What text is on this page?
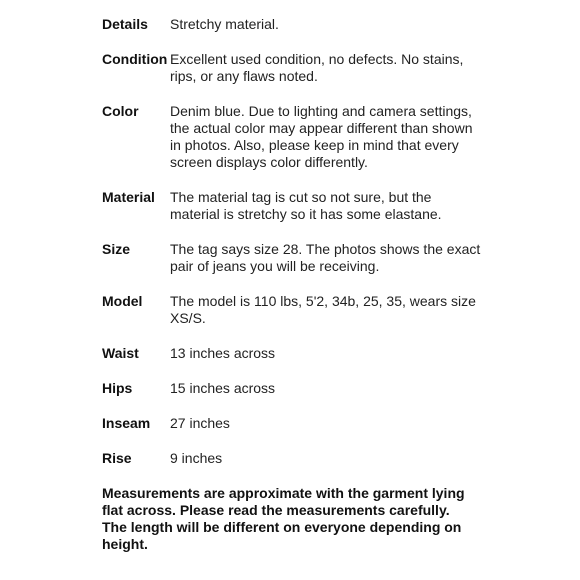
Details	Stretchy material.
Condition Excellent used condition, no defects. No stains, rips, or any flaws noted.
Color	Denim blue. Due to lighting and camera settings, the actual color may appear different than shown in photos. Also, please keep in mind that every screen displays color differently.
Material	The material tag is cut so not sure, but the material is stretchy so it has some elastane.
Size	The tag says size 28. The photos shows the exact pair of jeans you will be receiving.
Model	The model is 110 lbs, 5'2, 34b, 25, 35, wears size XS/S.
Waist	13 inches across
Hips	15 inches across
Inseam	27 inches
Rise	9 inches
Measurements are approximate with the garment lying flat across. Please read the measurements carefully. The length will be different on everyone depending on height.
